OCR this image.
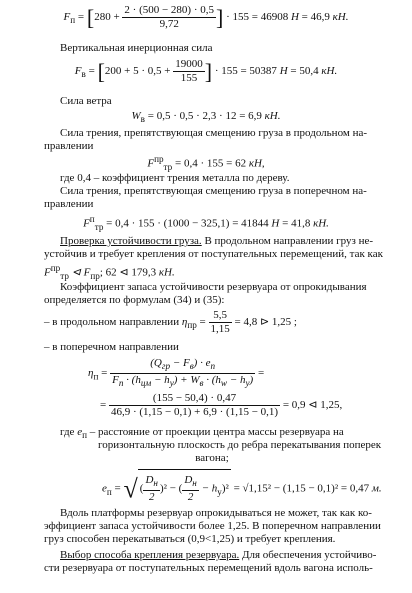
$F_п = [280 + \frac{2 \cdot (500 - 280) \cdot 0,5}{9,72}$ ] · 155 = 46908 Н = 46,9 кН.
Вертикальная инерционная сила
$F_в = [200 + 5 \cdot 0,5 + \frac{19000}{155}$ ] · 155 = 50387 Н = 50,4 кН.
Сила ветра
$W_в = 0,5 \cdot 0,5 \cdot 2,3 \cdot 12 = 6,9$ кН.
Сила трения, препятствующая смещению груза в продольном на-
правлении
$F^{пр}_{тр} = 0,4 \cdot 155 = 62$ кН,
где 0,4 – коэффициент трения металла по дереву.
Сила трения, препятствующая смещению груза в поперечном на-
правлении
$F^п_{тр} = 0,4 \cdot 155 \cdot (1000 - 325,1) = 41844$ Н = 41,8 кН.
Проверка устойчивости груза. В продольном направлении груз не-
устойчив и требует крепления от поступательных перемещений, так как
$F^{пр}_{тр}$ ⊲ $F_{пр}$; 62 ⊲ 179,3 кН.
Коэффициент запаса устойчивости резервуара от опрокидывания
определяется по формулам (34) и (35):
– в продольном направлении $\eta_{пр} = \frac{5,5}{1,15} = 4,8$ ⊳ 1,25 ;
– в поперечном направлении
$\eta_п = \frac{(Q_{гр} - F_в) \cdot e_п}{F_п \cdot (h_{цм} - h_у) + W_в \cdot (h_w - h_у)}$ =
= $\frac{(155 - 50,4) \cdot 0,47}{46,9 \cdot (1,15 - 0,1) + 6,9 \cdot (1,15 - 0,1)} = 0,9$ ⊲ 1,25,
где $e_п$ – расстояние от проекции центра массы резервуара на
горизонтальную плоскость до ребра перекатывания поперек
вагона;
$e_п$ = √( $\frac{D_н}{2} )^2$ − ( $\frac{D_н}{2} - h_у)^2 = √1,15^2 - (1,15 - 0,1)^2 = 0,47$ м.
Вдоль платформы резервуар опрокидываться не может, так как ко-
эффициент запаса устойчивости более 1,25. В поперечном направлении
груз способен перекатываться (0,9<1,25) и требует крепления.
Выбор способа крепления резервуара. Для обеспечения устойчиво-
сти резервуара от поступательных перемещений вдоль вагона исполь-
